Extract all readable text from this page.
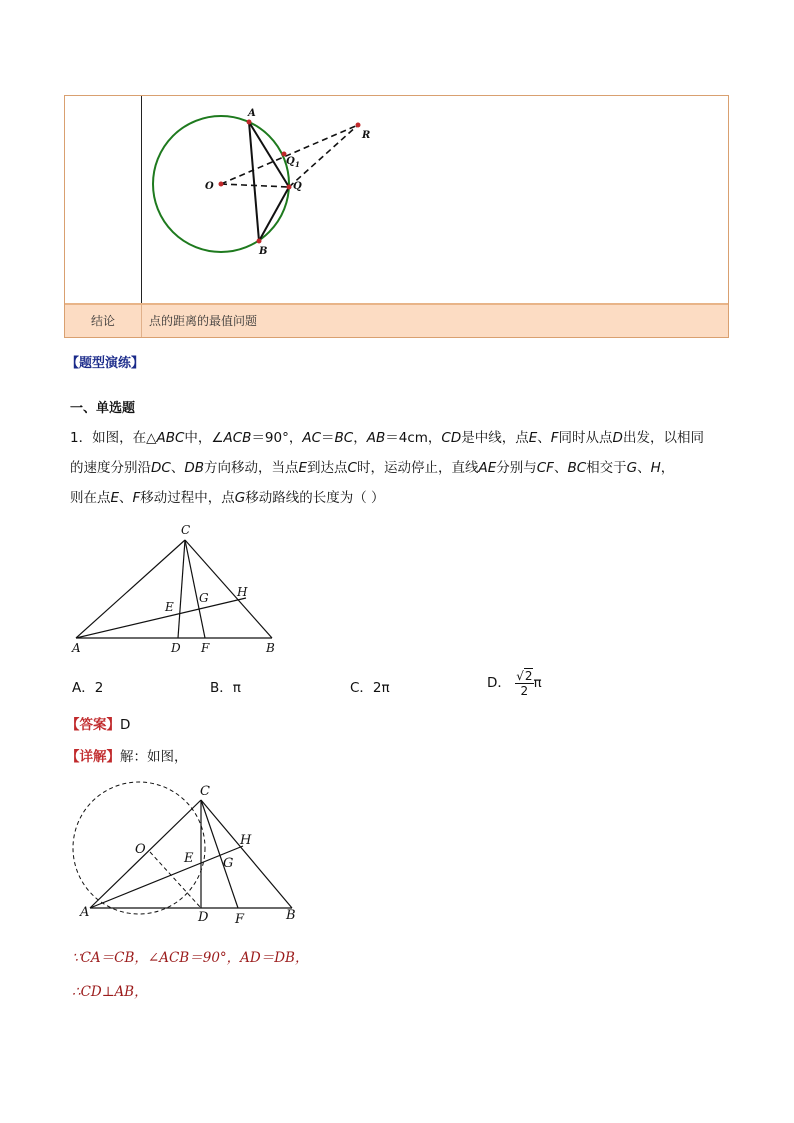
结论	点的距离的最值问题
A
B
O	Q
Q 1
R
【题型演练】
一、单选题
1．如图，在△ABC中，∠ACB＝90°，AC＝BC，AB＝4cm，CD是中线，点E、F同时从点D出发，以相同
的速度分别沿DC、DB方向移动，当点E到达点C时，运动停止，直线AE分别与CF、BC相交于G、H，
则在点E、F移动过程中，点G移动路线的长度为（ ）
C
A	B
D F
E
G H
A．2	B．π	C．2π	D． $\frac{√2}{2}$ π
【答案】D
【详解】解：如图，
C
A	B
D F
E G
H
O
∵CA＝CB，∠ACB＝90°，AD＝DB，
∴CD⊥AB，
